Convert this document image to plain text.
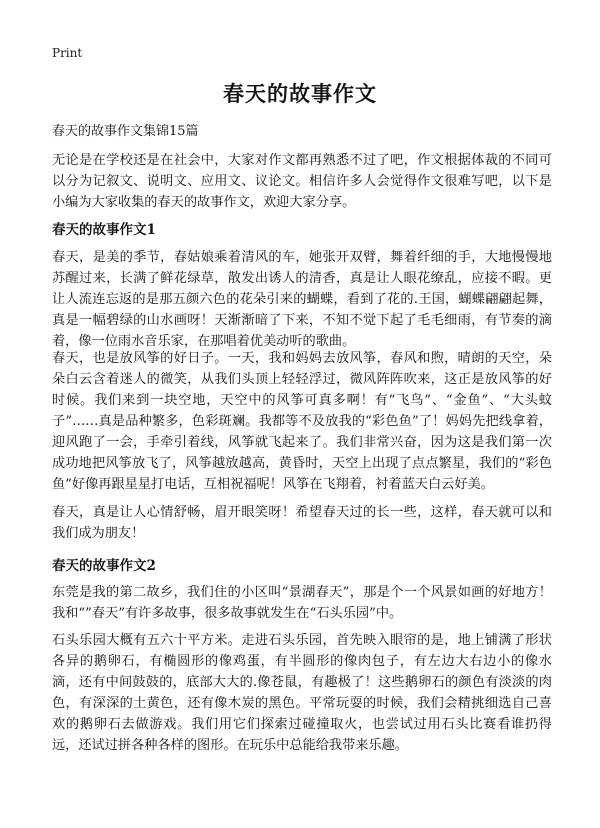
Print
春天的故事作文
春天的故事作文集锦15篇

无论是在学校还是在社会中，大家对作文都再熟悉不过了吧，作文根据体裁的不同可以分为记叙文、说明文、应用文、议论文。相信许多人会觉得作文很难写吧，以下是小编为大家收集的春天的故事作文，欢迎大家分享。

春天的故事作文1

春天，是美的季节，春姑娘乘着清风的车，她张开双臂，舞着纤细的手，大地慢慢地苏醒过来，长满了鲜花绿草，散发出诱人的清香，真是让人眼花缭乱，应接不暇。更让人流连忘返的是那五颜六色的花朵引来的蝴蝶，看到了花的.王国，蝴蝶翩翩起舞，真是一幅碧绿的山水画呀！天渐渐暗了下来，不知不觉下起了毛毛细雨，有节奏的滴着，像一位雨水音乐家，在那唱着优美动听的歌曲。

春天，也是放风筝的好日子。一天，我和妈妈去放风筝，春风和煦，晴朗的天空，朵朵白云含着迷人的微笑，从我们头顶上轻轻浮过，微风阵阵吹来，这正是放风筝的好时候。我们来到一块空地，天空中的风筝可真多啊！有“飞鸟”、“金鱼”、“大头蚊子”……真是品种繁多，色彩斑斓。我都等不及放我的“彩色鱼”了！妈妈先把线拿着，迎风跑了一会，手牵引着线，风筝就飞起来了。我们非常兴奋，因为这是我们第一次成功地把风筝放飞了，风筝越放越高，黄昏时，天空上出现了点点繁星，我们的“彩色鱼”好像再跟星星打电话，互相祝福呢！风筝在飞翔着，衬着蓝天白云好美。

春天，真是让人心情舒畅，眉开眼笑呀！希望春天过的长一些，这样，春天就可以和我们成为朋友！

春天的故事作文2

东莞是我的第二故乡，我们住的小区叫“景湖春天”，那是个一个风景如画的好地方！我和“”春天”有许多故事，很多故事就发生在“石头乐园”中。

石头乐园大概有五六十平方米。走进石头乐园，首先映入眼帘的是，地上铺满了形状各异的鹅卵石，有椭圆形的像鸡蛋，有半圆形的像肉包子，有左边大右边小的像水滴，还有中间鼓鼓的，底部大大的.像苍鼠，有趣极了！这些鹅卵石的颜色有淡淡的肉色，有深深的土黄色，还有像木炭的黑色。平常玩耍的时候，我们会精挑细选自己喜欢的鹅卵石去做游戏。我们用它们探索过碰撞取火，也尝试过用石头比赛看谁扔得远，还试过拼各种各样的图形。在玩乐中总能给我带来乐趣。
